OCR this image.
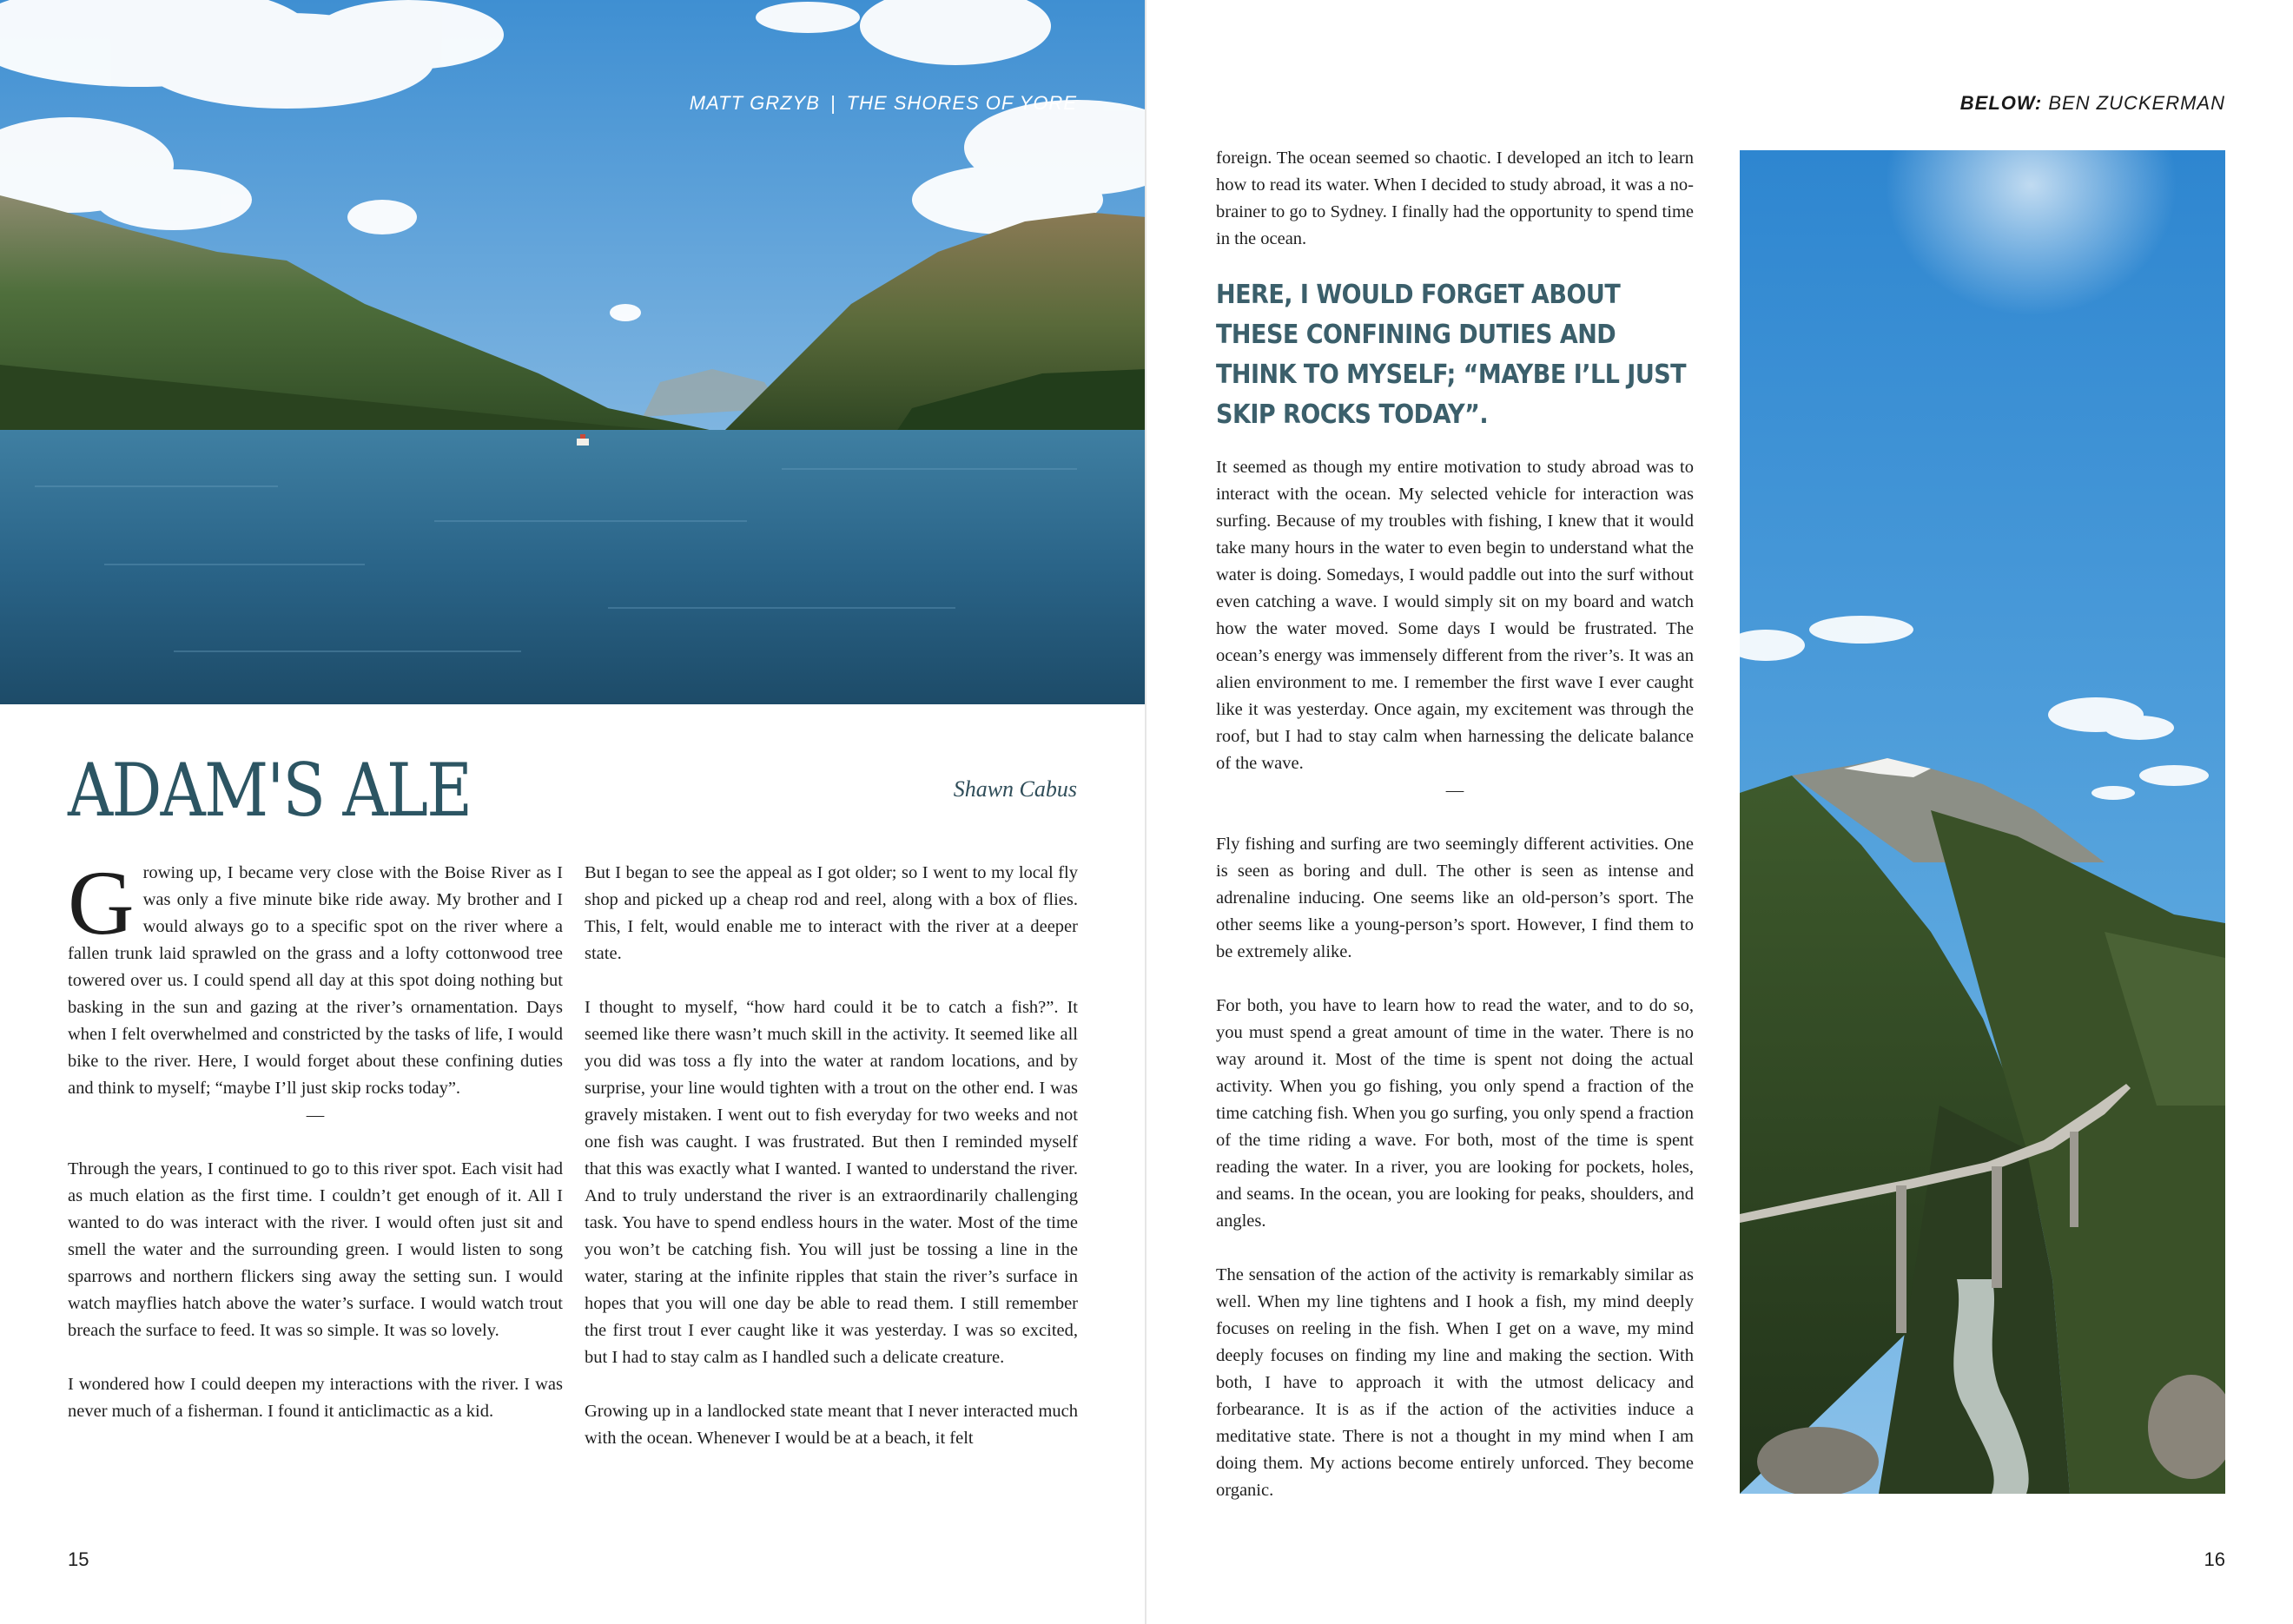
MATT GRZYB | THE SHORES OF YORE
ADAM'S ALE	Shawn Cabus

Growing up, I became very close with the Boise River as I was only a five minute bike ride away. My brother and I would always go to a specific spot on the river where a fallen trunk laid sprawled on the grass and a lofty cottonwood tree towered over us. I could spend all day at this spot doing nothing but basking in the sun and gazing at the river’s ornamentation. Days when I felt overwhelmed and constricted by the tasks of life, I would bike to the river. Here, I would forget about these confining duties and think to myself; “maybe I’ll just skip rocks today”.

—

Through the years, I continued to go to this river spot. Each visit had as much elation as the first time. I couldn’t get enough of it. All I wanted to do was interact with the river. I would often just sit and smell the water and the surrounding green. I would listen to song sparrows and northern flickers sing away the setting sun. I would watch mayflies hatch above the water’s surface. I would watch trout breach the surface to feed. It was so simple. It was so lovely.

I wondered how I could deepen my interactions with the river. I was never much of a fisherman. I found it anticlimactic as a kid.

But I began to see the appeal as I got older; so I went to my local fly shop and picked up a cheap rod and reel, along with a box of flies. This, I felt, would enable me to interact with the river at a deeper state.

I thought to myself, “how hard could it be to catch a fish?”. It seemed like there wasn’t much skill in the activity. It seemed like all you did was toss a fly into the water at random locations, and by surprise, your line would tighten with a trout on the other end. I was gravely mistaken. I went out to fish everyday for two weeks and not one fish was caught. I was frustrated. But then I reminded myself that this was exactly what I wanted. I wanted to understand the river. And to truly understand the river is an extraordinarily challenging task. You have to spend endless hours in the water. Most of the time you won’t be catching fish. You will just be tossing a line in the water, staring at the infinite ripples that stain the river’s surface in hopes that you will one day be able to read them. I still remember the first trout I ever caught like it was yesterday. I was so excited, but I had to stay calm as I handled such a delicate creature.

Growing up in a landlocked state meant that I never interacted much with the ocean. Whenever I would be at a beach, it felt

15
BELOW: BEN ZUCKERMAN

foreign. The ocean seemed so chaotic. I developed an itch to learn how to read its water. When I decided to study abroad, it was a no-brainer to go to Sydney. I finally had the opportunity to spend time in the ocean.

HERE, I WOULD FORGET ABOUT THESE CONFINING DUTIES AND THINK TO MYSELF; “MAYBE I’LL JUST SKIP ROCKS TODAY”.

It seemed as though my entire motivation to study abroad was to interact with the ocean. My selected vehicle for interaction was surfing. Because of my troubles with fishing, I knew that it would take many hours in the water to even begin to understand what the water is doing. Somedays, I would paddle out into the surf without even catching a wave. I would simply sit on my board and watch how the water moved. Some days I would be frustrated. The ocean’s energy was immensely different from the river’s. It was an alien environment to me. I remember the first wave I ever caught like it was yesterday. Once again, my excitement was through the roof, but I had to stay calm when harnessing the delicate balance of the wave.

—

Fly fishing and surfing are two seemingly different activities. One is seen as boring and dull. The other is seen as intense and adrenaline inducing. One seems like an old-person’s sport. The other seems like a young-person’s sport. However, I find them to be extremely alike.

For both, you have to learn how to read the water, and to do so, you must spend a great amount of time in the water. There is no way around it. Most of the time is spent not doing the actual activity. When you go fishing, you only spend a fraction of the time catching fish. When you go surfing, you only spend a fraction of the time riding a wave. For both, most of the time is spent reading the water. In a river, you are looking for pockets, holes, and seams. In the ocean, you are looking for peaks, shoulders, and angles.

The sensation of the action of the activity is remarkably similar as well. When my line tightens and I hook a fish, my mind deeply focuses on reeling in the fish. When I get on a wave, my mind deeply focuses on finding my line and making the section. With both, I have to approach it with the utmost delicacy and forbearance. It is as if the action of the activities induce a meditative state. There is not a thought in my mind when I am doing them. My actions become entirely unforced. They become organic.

16
